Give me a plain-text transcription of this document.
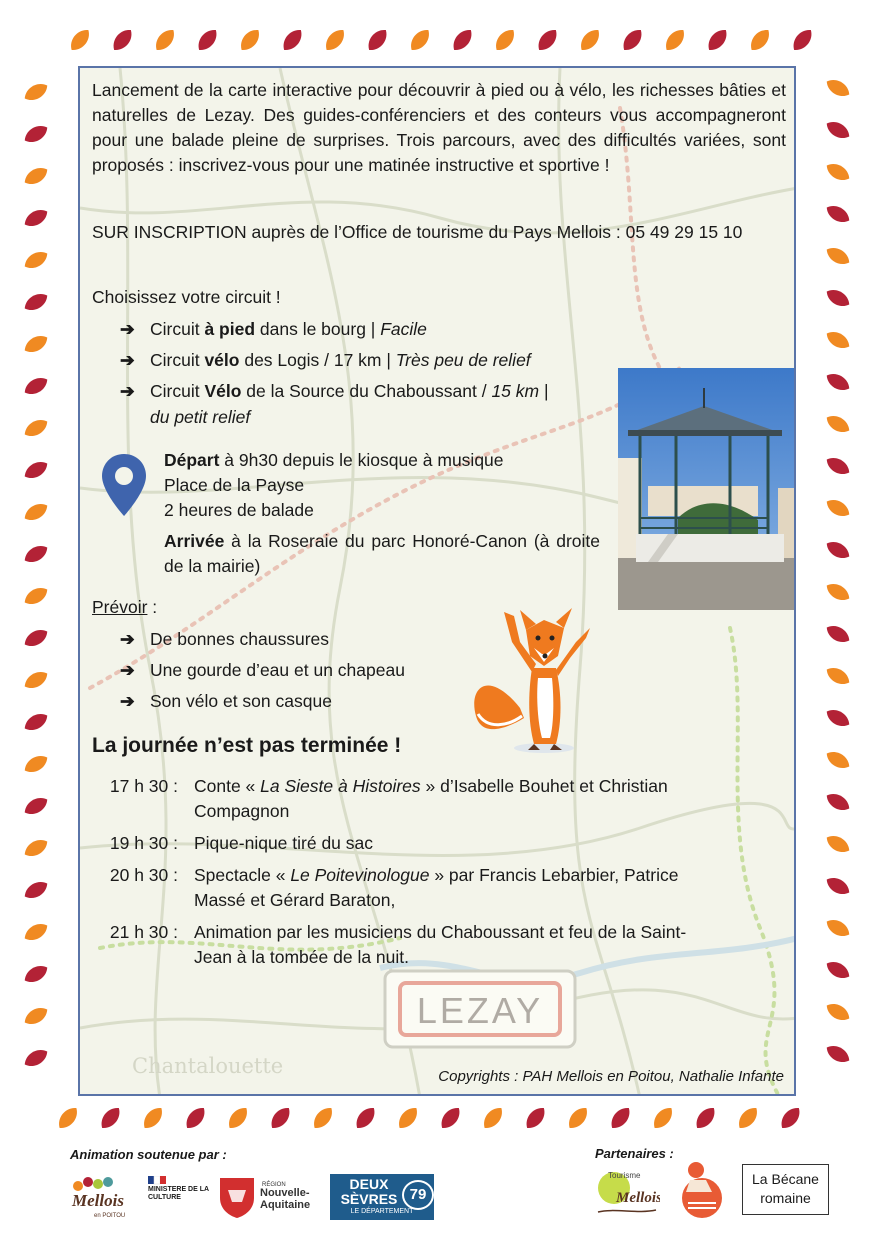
LEZAY
Chantalouette

Lancement de la carte interactive pour découvrir à pied ou à vélo, les richesses bâties et naturelles de Lezay. Des guides-conférenciers et des conteurs vous accompagneront pour une balade pleine de surprises. Trois parcours, avec des difficultés variées, sont proposés : inscrivez-vous pour une matinée instructive et sportive !

SUR INSCRIPTION auprès de l’Office de tourisme du Pays Mellois : 05 49 29 15 10

Choisissez votre circuit !

➔ Circuit à pied dans le bourg | Facile
➔ Circuit vélo des Logis / 17 km | Très peu de relief
➔ Circuit Vélo de la Source du Chaboussant / 15 km |
du petit relief
Départ à 9h30 depuis le kiosque à musique
Place de la Payse
2 heures de balade
Arrivée à la Roseraie du parc Honoré-Canon (à droite de la mairie)

Prévoir :

➔ De bonnes chaussures
➔ Une gourde d’eau et un chapeau
➔ Son vélo et son casque
La journée n’est pas terminée !
17 h 30 : Conte « La Sieste à Histoires » d’Isabelle Bouhet et Christian Compagnon
19 h 30 : Pique-nique tiré du sac
20 h 30 : Spectacle « Le Poitevinologue » par Francis Lebarbier, Patrice Massé et Gérard Baraton,
21 h 30 : Animation par les musiciens du Chaboussant et feu de la Saint-Jean à la tombée de la nuit.
Copyrights : PAH Mellois en Poitou, Nathalie Infante
Animation soutenue par :	Partenaires :
Mellois
en POITOU
MINISTÈRE DE LA CULTURE
RÉGION
Nouvelle-Aquitaine
DEUX SÈVRES 79
LE DÉPARTEMENT
Tourisme
Mellois
La Bécane romaine
